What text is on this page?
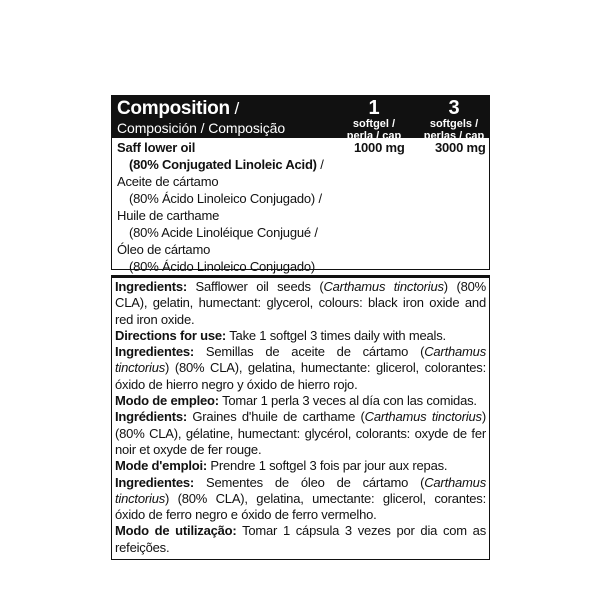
Composition /
Composición / Composição
1
softgel /
perla / cap
3
softgels /
perlas / cap
Saff lower oil
(80% Conjugated Linoleic Acid) /
Aceite de cártamo
(80% Ácido Linoleico Conjugado) /
Huile de carthame
(80% Acide Linoléique Conjugué /
Óleo de cártamo
(80% Ácido Linoleico Conjugado)
1000 mg 3000 mg

Ingredients: Safflower oil seeds (Carthamus tinctorius) (80% CLA), gelatin, humectant: glycerol, colours: black iron oxide and red iron oxide.

Directions for use: Take 1 softgel 3 times daily with meals.

Ingredientes: Semillas de aceite de cártamo (Carthamus tinctorius) (80% CLA), gelatina, humectante: glicerol, colorantes: óxido de hierro negro y óxido de hierro rojo.

Modo de empleo: Tomar 1 perla 3 veces al día con las comidas.

Ingrédients: Graines d'huile de carthame (Carthamus tinctorius) (80% CLA), gélatine, humectant: glycérol, colorants: oxyde de fer noir et oxyde de fer rouge.

Mode d'emploi: Prendre 1 softgel 3 fois par jour aux repas.

Ingredientes: Sementes de óleo de cártamo (Carthamus tinctorius) (80% CLA), gelatina, umectante: glicerol, corantes: óxido de ferro negro e óxido de ferro vermelho.

Modo de utilização: Tomar 1 cápsula 3 vezes por dia com as refeições.
